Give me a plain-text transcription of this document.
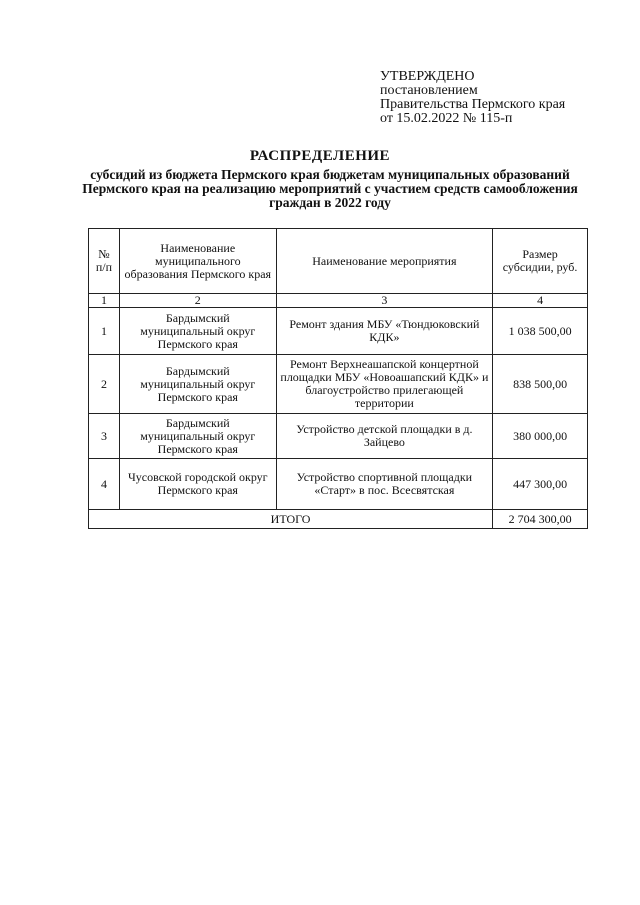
УТВЕРЖДЕНО
постановлением
Правительства Пермского края
от 15.02.2022 № 115-п
РАСПРЕДЕЛЕНИЕ
субсидий из бюджета Пермского края бюджетам муниципальных образований Пермского края на реализацию мероприятий с участием средств самообложения граждан в 2022 году
№ п/п	Наименование муниципального образования Пермского края	Наименование мероприятия	Размер субсидии, руб.
1	2	3	4
1	Бардымский муниципальный округ Пермского края	Ремонт здания МБУ «Тюндюковский КДК»	1 038 500,00
2	Бардымский муниципальный округ Пермского края	Ремонт Верхнеашапской концертной площадки МБУ «Новоашапский КДК» и благоустройство прилегающей территории	838 500,00
3	Бардымский муниципальный округ Пермского края	Устройство детской площадки в д. Зайцево	380 000,00
4	Чусовской городской округ Пермского края	Устройство спортивной площадки «Старт» в пос. Всесвятская	447 300,00
ИТОГО			2 704 300,00
